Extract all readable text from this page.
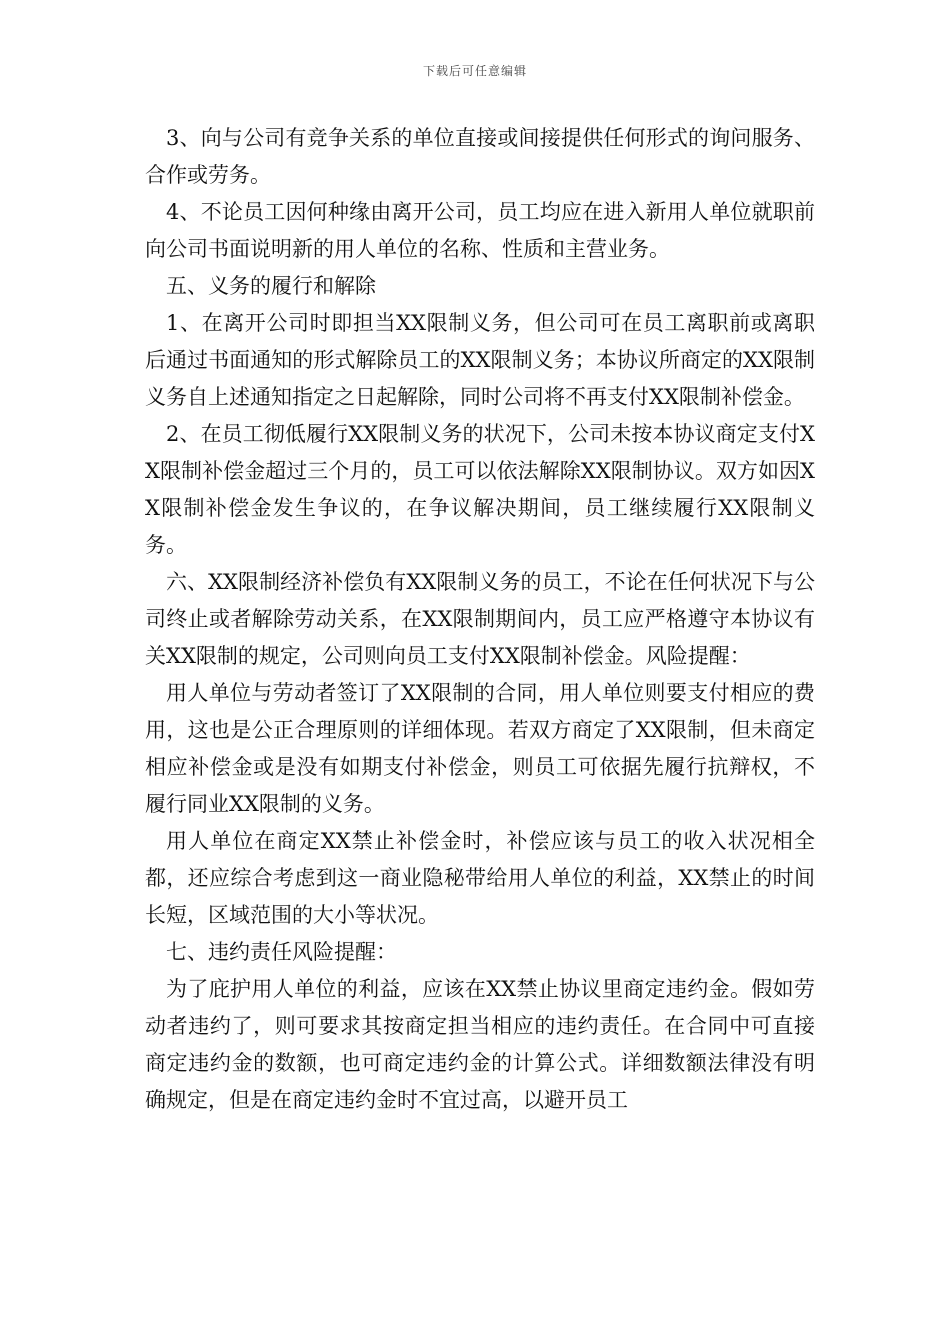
下载后可任意编辑

3、向与公司有竞争关系的单位直接或间接提供任何形式的询问服务、合作或劳务。

4、不论员工因何种缘由离开公司，员工均应在进入新用人单位就职前向公司书面说明新的用人单位的名称、性质和主营业务。

五、义务的履行和解除

1、在离开公司时即担当XX限制义务，但公司可在员工离职前或离职后通过书面通知的形式解除员工的XX限制义务；本协议所商定的XX限制义务自上述通知指定之日起解除，同时公司将不再支付XX限制补偿金。

2、在员工彻低履行XX限制义务的状况下，公司未按本协议商定支付XX限制补偿金超过三个月的，员工可以依法解除XX限制协议。双方如因XX限制补偿金发生争议的，在争议解决期间，员工继续履行XX限制义务。

六、XX限制经济补偿负有XX限制义务的员工，不论在任何状况下与公司终止或者解除劳动关系，在XX限制期间内，员工应严格遵守本协议有关XX限制的规定，公司则向员工支付XX限制补偿金。风险提醒：

用人单位与劳动者签订了XX限制的合同，用人单位则要支付相应的费用，这也是公正合理原则的详细体现。若双方商定了XX限制，但未商定相应补偿金或是没有如期支付补偿金，则员工可依据先履行抗辩权，不履行同业XX限制的义务。

用人单位在商定XX禁止补偿金时，补偿应该与员工的收入状况相全都，还应综合考虑到这一商业隐秘带给用人单位的利益，XX禁止的时间长短，区域范围的大小等状况。

七、违约责任风险提醒：

为了庇护用人单位的利益，应该在XX禁止协议里商定违约金。假如劳动者违约了，则可要求其按商定担当相应的违约责任。在合同中可直接商定违约金的数额，也可商定违约金的计算公式。详细数额法律没有明确规定，但是在商定违约金时不宜过高，以避开员工
